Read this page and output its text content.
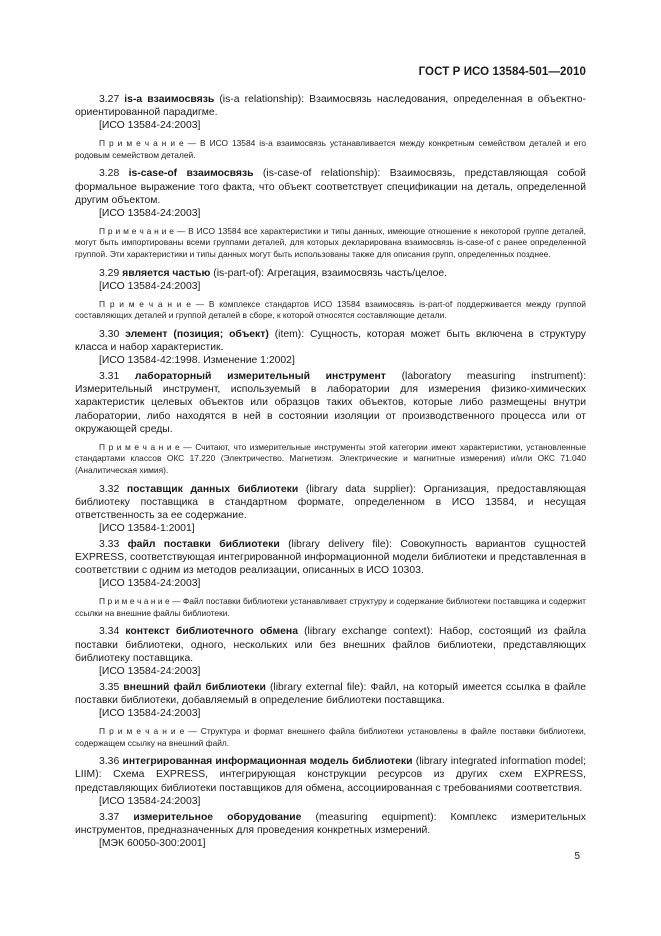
ГОСТ Р ИСО 13584-501—2010

3.27 is-a взаимосвязь (is-a relationship): Взаимосвязь наследования, определенная в объектно-ориентированной парадигме.

[ИСО 13584-24:2003]

П р и м е ч а н и е — В ИСО 13584 is-a взаимосвязь устанавливается между конкретным семейством деталей и его родовым семейством деталей.

3.28 is-case-of взаимосвязь (is-case-of relationship): Взаимосвязь, представляющая собой формальное выражение того факта, что объект соответствует спецификации на деталь, определенной другим объектом.

[ИСО 13584-24:2003]

П р и м е ч а н и е — В ИСО 13584 все характеристики и типы данных, имеющие отношение к некоторой группе деталей, могут быть импортированы всеми группами деталей, для которых декларирована взаимосвязь is-case-of с ранее определенной группой. Эти характеристики и типы данных могут быть использованы также для описания групп, определенных позднее.

3.29 является частью (is-part-of): Агрегация, взаимосвязь часть/целое.

[ИСО 13584-24:2003]

П р и м е ч а н и е — В комплексе стандартов ИСО 13584 взаимосвязь is-part-of поддерживается между группой составляющих деталей и группой деталей в сборе, к которой относятся составляющие детали.

3.30 элемент (позиция; объект) (item): Сущность, которая может быть включена в структуру класса и набор характеристик.

[ИСО 13584-42:1998. Изменение 1:2002]

3.31 лабораторный измерительный инструмент (laboratory measuring instrument): Измерительный инструмент, используемый в лаборатории для измерения физико-химических характеристик целевых объектов или образцов таких объектов, которые либо размещены внутри лаборатории, либо находятся в ней в состоянии изоляции от производственного процесса или от окружающей среды.

П р и м е ч а н и е — Считают, что измерительные инструменты этой категории имеют характеристики, установленные стандартами классов ОКС 17.220 (Электричество. Магнетизм. Электрические и магнитные измерения) и/или ОКС 71.040 (Аналитическая химия).

3.32 поставщик данных библиотеки (library data supplier): Организация, предоставляющая библиотеку поставщика в стандартном формате, определенном в ИСО 13584, и несущая ответственность за ее содержание.

[ИСО 13584-1:2001]

3.33 файл поставки библиотеки (library delivery file): Совокупность вариантов сущностей EXPRESS, соответствующая интегрированной информационной модели библиотеки и представленная в соответствии с одним из методов реализации, описанных в ИСО 10303.

[ИСО 13584-24:2003]

П р и м е ч а н и е — Файл поставки библиотеки устанавливает структуру и содержание библиотеки поставщика и содержит ссылки на внешние файлы библиотеки.

3.34 контекст библиотечного обмена (library exchange context): Набор, состоящий из файла поставки библиотеки, одного, нескольких или без внешних файлов библиотеки, представляющих библиотеку поставщика.

[ИСО 13584-24:2003]

3.35 внешний файл библиотеки (library external file): Файл, на который имеется ссылка в файле поставки библиотеки, добавляемый в определение библиотеки поставщика.

[ИСО 13584-24:2003]

П р и м е ч а н и е — Структура и формат внешнего файла библиотеки установлены в файле поставки библиотеки, содержащем ссылку на внешний файл.

3.36 интегрированная информационная модель библиотеки (library integrated information model; LIIM): Схема EXPRESS, интегрирующая конструкции ресурсов из других схем EXPRESS, представляющих библиотеки поставщиков для обмена, ассоциированная с требованиями соответствия.

[ИСО 13584-24:2003]

3.37 измерительное оборудование (measuring equipment): Комплекс измерительных инструментов, предназначенных для проведения конкретных измерений.

[МЭК 60050-300:2001]

5
